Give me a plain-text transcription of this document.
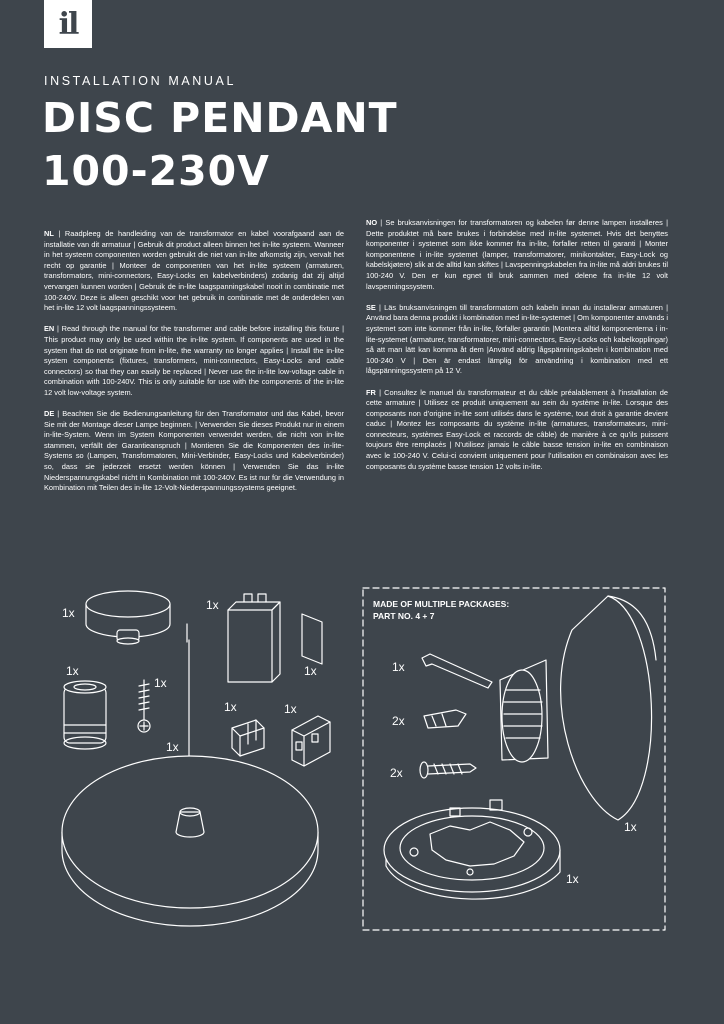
il
INSTALLATION MANUAL
DISC PENDANT
100-230V

NL | Raadpleeg de handleiding van de transformator en kabel voorafgaand aan de installatie van dit armatuur | Gebruik dit product alleen binnen het in-lite systeem. Wanneer in het systeem componenten worden gebruikt die niet van in-lite afkomstig zijn, vervalt het recht op garantie | Monteer de componenten van het in-lite systeem (armaturen, transformators, mini-connectors, Easy-Locks en kabelverbinders) zodanig dat zij altijd vervangen kunnen worden | Gebruik de in-lite laagspanningskabel nooit in combinatie met 100-240V. Deze is alleen geschikt voor het gebruik in combinatie met de onderdelen van het in-lite 12 volt laagspanningssysteem.

EN | Read through the manual for the transformer and cable before installing this fixture | This product may only be used within the in-lite system. If components are used in the system that do not originate from in-lite, the warranty no longer applies | Install the in-lite system components (fixtures, transformers, mini-connectors, Easy-Locks and cable connectors) so that they can easily be replaced | Never use the in-lite low-voltage cable in combination with 100-240V. This is only suitable for use with the components of the in-lite 12 volt low-voltage system.

DE | Beachten Sie die Bedienungsanleitung für den Transformator und das Kabel, bevor Sie mit der Montage dieser Lampe beginnen. | Verwenden Sie dieses Produkt nur in einem in-lite-System. Wenn im System Komponenten verwendet werden, die nicht von in-lite stammen, verfällt der Garantieanspruch | Montieren Sie die Komponenten des in-lite-Systems so (Lampen, Transformatoren, Mini-Verbinder, Easy-Locks und Kabelverbinder) so, dass sie jederzeit ersetzt werden können | Verwenden Sie das in-lite Niederspannungskabel nicht in Kombination mit 100-240V. Es ist nur für die Verwendung in Kombination mit Teilen des in-lite 12-Volt-Niederspannungssystems geeignet.

NO | Se bruksanvisningen for transformatoren og kabelen før denne lampen installeres | Dette produktet må bare brukes i forbindelse med in-lite systemet. Hvis det benyttes komponenter i systemet som ikke kommer fra in-lite, forfaller retten til garanti | Monter komponentene i in-lite systemet (lamper, transformatorer, minikontakter, Easy-Lock og kabelskjøtere) slik at de alltid kan skiftes | Lavspenningskabelen fra in-lite må aldri brukes til 100-240 V. Den er kun egnet til bruk sammen med delene fra in-lite 12 volt lavspenningssystem.

SE | Läs bruksanvisningen till transformatorn och kabeln innan du installerar armaturen | Använd bara denna produkt i kombination med in-lite-systemet | Om komponenter används i systemet som inte kommer från in-lite, förfaller garantin |Montera alltid komponenterna i in-lite-systemet (armaturer, transformatorer, mini-connectors, Easy-Locks och kabelkopplingar) så att man lätt kan komma åt dem |Använd aldrig lågspänningskabeln i kombination med 100-240 V | Den är endast lämplig för användning i kombination med ett lågspänningssystem på 12 V.

FR | Consultez le manuel du transformateur et du câble préalablement à l’installation de cette armature | Utilisez ce produit uniquement au sein du système in-lite. Lorsque des composants non d’origine in-lite sont utilisés dans le système, tout droit à garantie devient caduc | Montez les composants du système in-lite (armatures, transformateurs, mini-connecteurs, systèmes Easy-Lock et raccords de câble) de manière à ce qu’ils puissent toujours être remplacés | N’utilisez jamais le câble basse tension in-lite en combinaison avec le 100-240 V. Celui-ci convient uniquement pour l’utilisation en combinaison avec les composants du système basse tension 12 volts in-lite.

1x
1x
1x
1x
1x
1x
1x	1x
MADE OF MULTIPLE PACKAGES:
PART NO. 4 + 7
1x
2x
2x
1x
1x
